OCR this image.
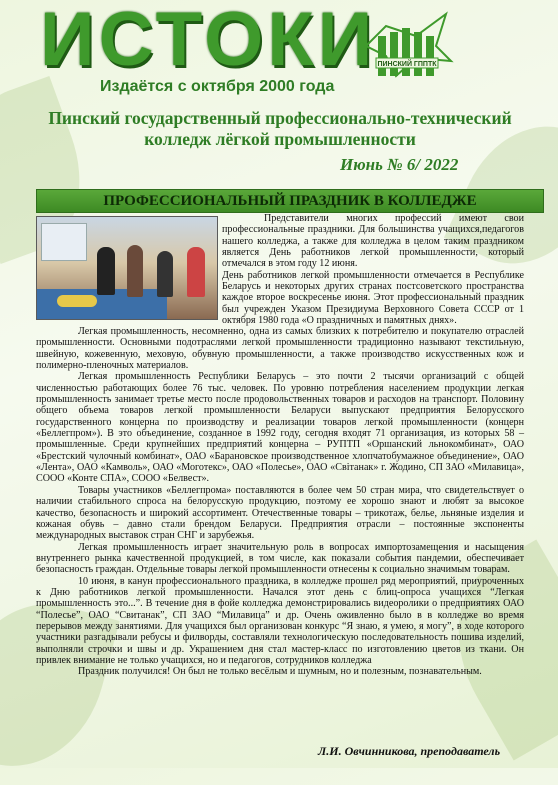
ИСТОКИ ПИНСКИЙ ГППТК
Издаётся с октября 2000 года
Пинский государственный профессионально-технический
колледж лёгкой промышленности
Июнь № 6/ 2022
ПРОФЕССИОНАЛЬНЫЙ ПРАЗДНИК В КОЛЛЕДЖЕ

Представители многих профессий имеют свои профессиональные праздники. Для большинства учащихся,педагогов нашего колледжа, а также для колледжа в целом таким праздником является День работников легкой промышленности, который отмечался в этом году 12 июня.

День работников легкой промышленности отмечается в Республике Беларусь и некоторых других странах постсоветского пространства каждое второе воскресенье июня. Этот профессиональный праздник был учрежден Указом Президиума Верховного Совета СССР от 1 октября 1980 года «О праздничных и памятных днях».

Легкая промышленность, несомненно, одна из самых близких к потребителю и покупателю отраслей промышленности. Основными подотраслями легкой промышленности традиционно называют текстильную, швейную, кожевенную, меховую, обувную промышленности, а также производство искусственных кож и полимерно-пленочных материалов.

Легкая промышленность Республики Беларусь – это почти 2 тысячи организаций с общей численностью работающих более 76 тыс. человек. По уровню потребления населением продукции легкая промышленность занимает третье место после продовольственных товаров и расходов на транспорт. Половину общего объема товаров легкой промышленности Беларуси выпускают предприятия Белорусского государственного концерна по производству и реализации товаров легкой промышленности (концерн «Беллегпром»). В это объединение, созданное в 1992 году, сегодня входят 71 организация, из которых 58 – промышленные. Среди крупнейших предприятий концерна – РУПТП «Оршанский льнокомбинат», ОАО «Брестский чулочный комбинат», ОАО «Барановское производственное хлопчатобумажное объединение», ОАО «Лента», ОАО «Камволь», ОАО «Моготекс», ОАО «Полесье», ОАО «Свiтанак» г. Жодино, СП ЗАО «Милавица», СООО «Конте СПА», СООО «Белвест».

Товары участников «Беллегпрома» поставляются в более чем 50 стран мира, что свидетельствует о наличии стабильного спроса на белорусскую продукцию, поэтому ее хорошо знают и любят за высокое качество, безопасность и широкий ассортимент. Отечественные товары – трикотаж, белье, льняные изделия и кожаная обувь – давно стали брендом Беларуси. Предприятия отрасли – постоянные экспоненты международных выставок стран СНГ и зарубежья.

Легкая промышленность играет значительную роль в вопросах импортозамещения и насыщения внутреннего рынка качественной продукцией, в том числе, как показали события пандемии, обеспечивает безопасность граждан. Отдельные товары легкой промышленности отнесены к социально значимым товарам.

10 июня, в канун профессионального праздника, в колледже прошел ряд мероприятий, приуроченных к Дню работников легкой промышленности. Начался этот день с блиц-опроса учащихся “Легкая промышленность это...”. В течение дня в фойе колледжа демонстрировались видеоролики о предприятиях ОАО “Полесье”, ОАО “Свитанак”, СП ЗАО “Милавица” и др. Очень оживленно было в в колледже во время перерывов между занятиями. Для учащихся был организован конкурс “Я знаю, я умею, я могу”, в ходе которого участники разгадывали ребусы и филворды, составляли технологическую последовательность пошива изделий, выполняли строчки и швы и др. Украшением дня стал мастер-класс по изготовлению цветов из ткани. Он привлек внимание не только учащихся, но и педагогов, сотрудников колледжа

Праздник получился! Он был не только весёлым и шумным, но и полезным, познавательным.

Л.И. Овчинникова, преподаватель
